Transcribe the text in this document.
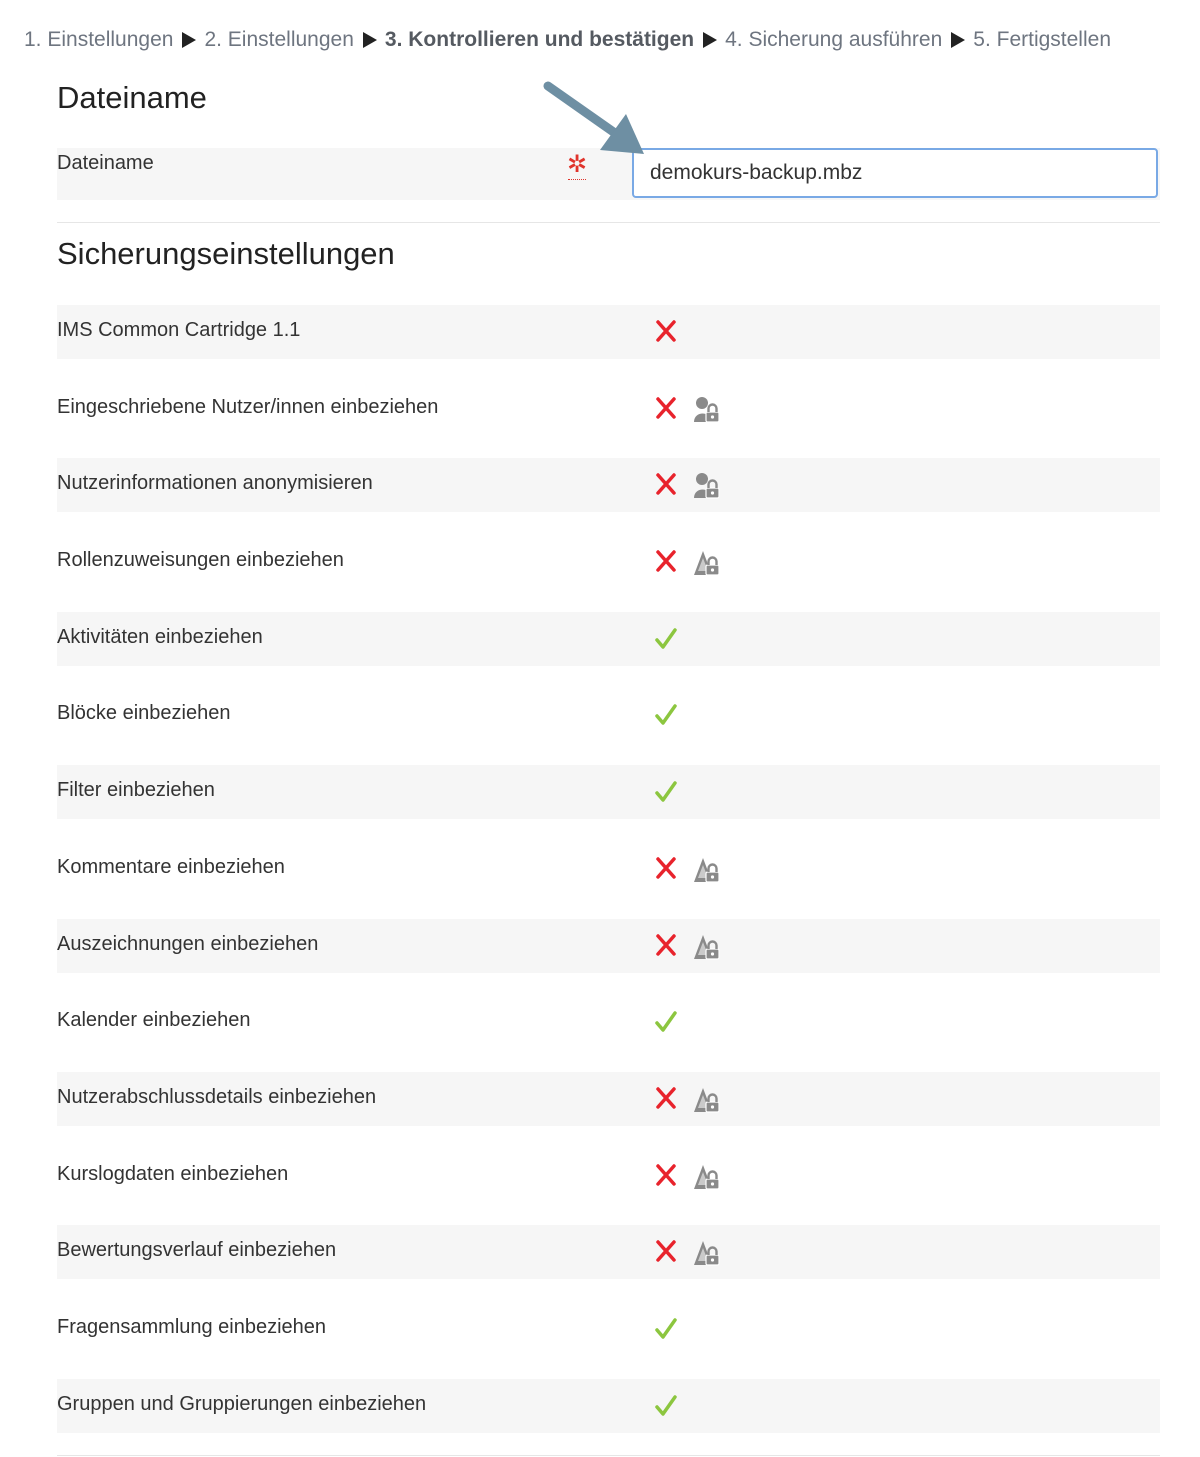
1. Einstellungen 2. Einstellungen 3. Kontrollieren und bestätigen 4. Sicherung ausführen 5. Fertigstellen
Dateiname
Dateiname	✲
demokurs-backup.mbz
Sicherungseinstellungen
IMS Common Cartridge 1.1
Eingeschriebene Nutzer/innen einbeziehen
Nutzerinformationen anonymisieren
Rollenzuweisungen einbeziehen
Aktivitäten einbeziehen
Blöcke einbeziehen
Filter einbeziehen
Kommentare einbeziehen
Auszeichnungen einbeziehen
Kalender einbeziehen
Nutzerabschlussdetails einbeziehen
Kurslogdaten einbeziehen
Bewertungsverlauf einbeziehen
Fragensammlung einbeziehen
Gruppen und Gruppierungen einbeziehen
